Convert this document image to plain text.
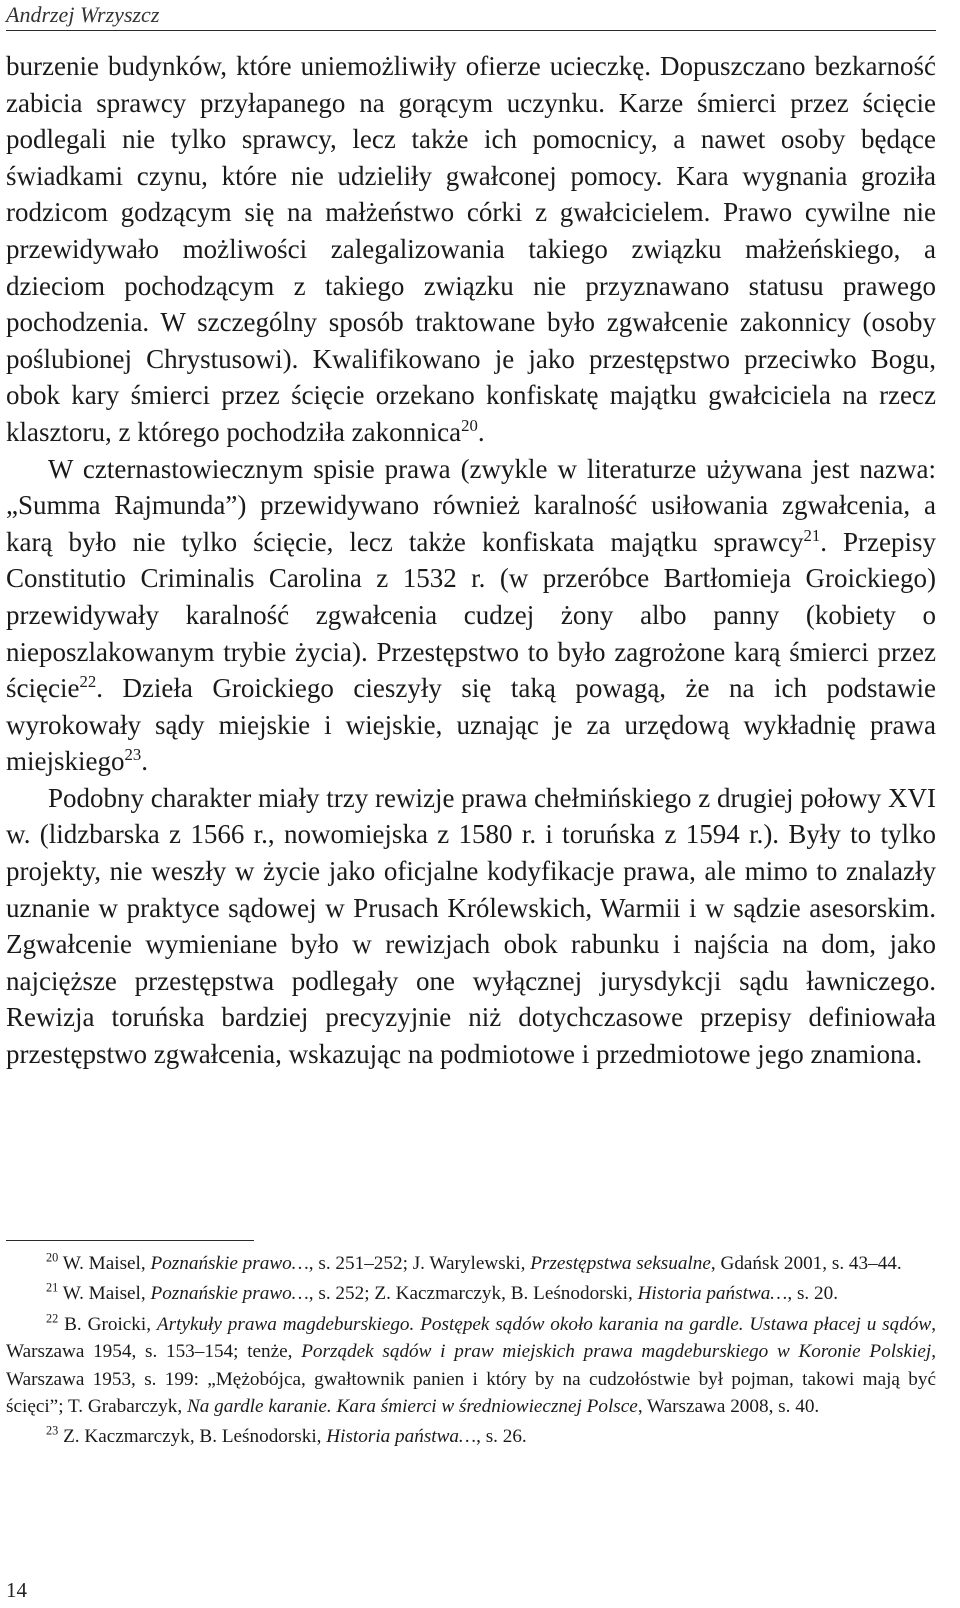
Andrzej Wrzyszcz

burzenie budynków, które uniemożliwiły ofierze ucieczkę. Dopuszczano bezkarność zabicia sprawcy przyłapanego na gorącym uczynku. Karze śmierci przez ścięcie podlegali nie tylko sprawcy, lecz także ich pomocnicy, a nawet osoby będące świadkami czynu, które nie udzieliły gwałconej pomocy. Kara wygnania groziła rodzicom godzącym się na małżeństwo córki z gwałcicielem. Prawo cywilne nie przewidywało możliwości zalegalizowania takiego związku małżeńskiego, a dzieciom pochodzącym z takiego związku nie przyznawano statusu prawego pochodzenia. W szczególny sposób traktowane było zgwałcenie zakonnicy (osoby poślubionej Chrystusowi). Kwalifikowano je jako przestępstwo przeciwko Bogu, obok kary śmierci przez ścięcie orzekano konfiskatę majątku gwałciciela na rzecz klasztoru, z którego pochodziła zakonnica$^{20}$.

W czternastowiecznym spisie prawa (zwykle w literaturze używana jest nazwa: „Summa Rajmunda”) przewidywano również karalność usiłowania zgwałcenia, a karą było nie tylko ścięcie, lecz także konfiskata majątku sprawcy$^{21}$. Przepisy Constitutio Criminalis Carolina z 1532 r. (w przeróbce Bartłomieja Groickiego) przewidywały karalność zgwałcenia cudzej żony albo panny (kobiety o nieposzlakowanym trybie życia). Przestępstwo to było zagrożone karą śmierci przez ścięcie$^{22}$. Dzieła Groickiego cieszyły się taką powagą, że na ich podstawie wyrokowały sądy miejskie i wiejskie, uznając je za urzędową wykładnię prawa miejskiego$^{23}$.

Podobny charakter miały trzy rewizje prawa chełmińskiego z drugiej połowy XVI w. (lidzbarska z 1566 r., nowomiejska z 1580 r. i toruńska z 1594 r.). Były to tylko projekty, nie weszły w życie jako oficjalne kodyfikacje prawa, ale mimo to znalazły uznanie w praktyce sądowej w Prusach Królewskich, Warmii i w sądzie asesorskim. Zgwałcenie wymieniane było w rewizjach obok rabunku i najścia na dom, jako najcięższe przestępstwa podlegały one wyłącznej jurysdykcji sądu ławniczego. Rewizja toruńska bardziej precyzyjnie niż dotychczasowe przepisy definiowała przestępstwo zgwałcenia, wskazując na podmiotowe i przedmiotowe jego znamiona.

$^{20}$ W. Maisel, Poznańskie prawo…, s. 251–252; J. Warylewski, Przestępstwa seksualne, Gdańsk 2001, s. 43–44.

$^{21}$ W. Maisel, Poznańskie prawo…, s. 252; Z. Kaczmarczyk, B. Leśnodorski, Historia państwa…, s. 20.

$^{22}$ B. Groicki, Artykuły prawa magdeburskiego. Postępek sądów około karania na gardle. Ustawa płacej u sądów, Warszawa 1954, s. 153–154; tenże, Porządek sądów i praw miejskich prawa magdeburskiego w Koronie Polskiej, Warszawa 1953, s. 199: „Mężobójca, gwałtownik panien i który by na cudzołóstwie był pojman, takowi mają być ścięci”; T. Grabarczyk, Na gardle karanie. Kara śmierci w średniowiecznej Polsce, Warszawa 2008, s. 40.

$^{23}$ Z. Kaczmarczyk, B. Leśnodorski, Historia państwa…, s. 26.

14
